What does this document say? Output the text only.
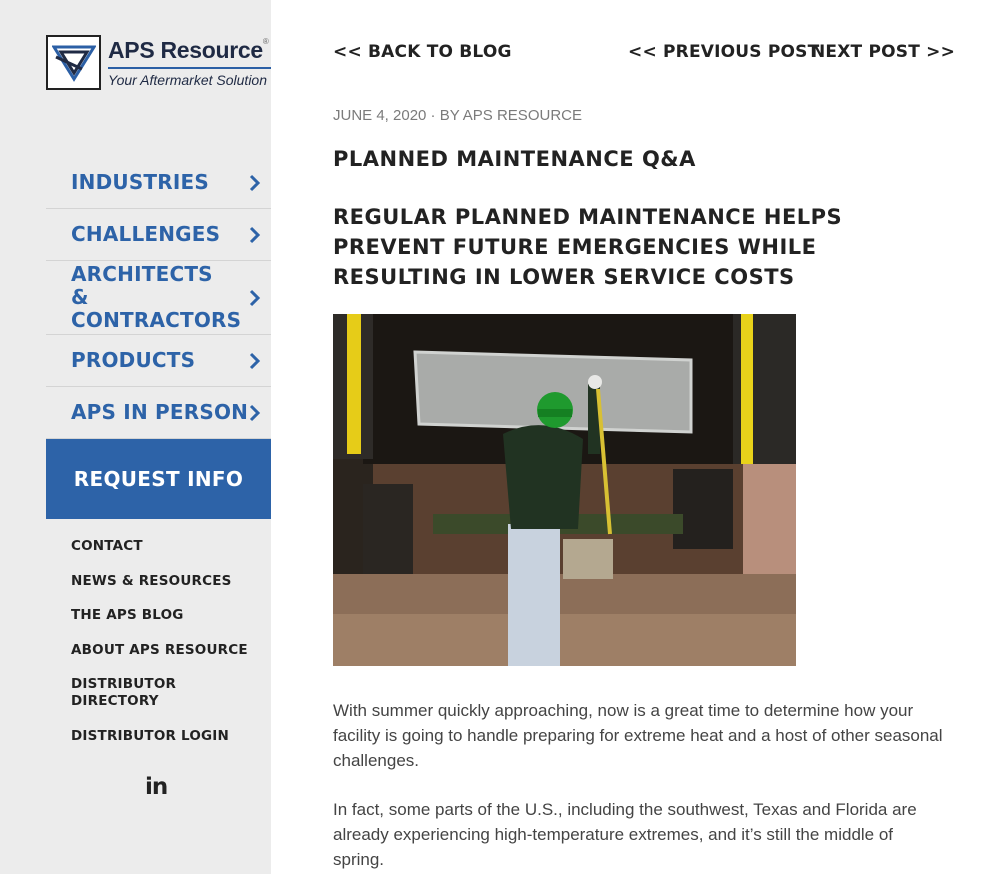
APS Resource®
Your Aftermarket Solution
INDUSTRIES
CHALLENGES
ARCHITECTS & CONTRACTORS
PRODUCTS
APS IN PERSON
REQUEST INFO
CONTACT
NEWS & RESOURCES
THE APS BLOG
ABOUT APS RESOURCE
DISTRIBUTOR DIRECTORY
DISTRIBUTOR LOGIN
in
<< BACK TO BLOG	<< PREVIOUS POST
NEXT POST >>
JUNE 4, 2020 · BY APS RESOURCE
PLANNED MAINTENANCE Q&A
REGULAR PLANNED MAINTENANCE HELPS PREVENT FUTURE EMERGENCIES WHILE RESULTING IN LOWER SERVICE COSTS

With summer quickly approaching, now is a great time to determine how your facility is going to handle preparing for extreme heat and a host of other seasonal challenges.

In fact, some parts of the U.S., including the southwest, Texas and Florida are already experiencing high-temperature extremes, and it’s still the middle of spring.
